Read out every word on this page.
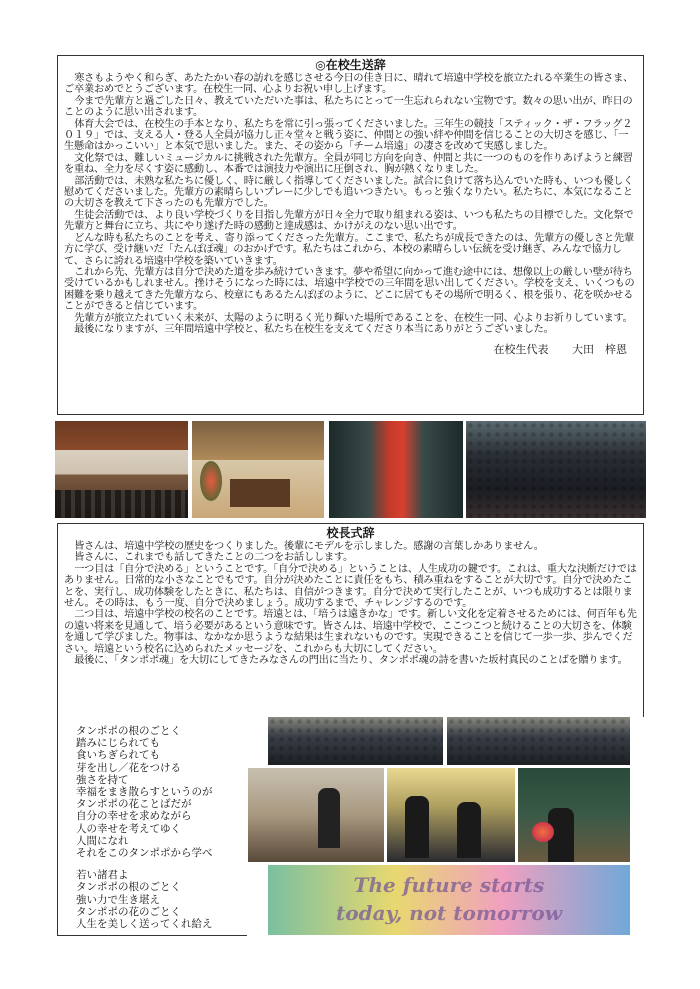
◎在校生送辞

寒さもようやく和らぎ、あたたかい春の訪れを感じさせる今日の佳き日に、晴れて培遠中学校を旅立たれる卒業生の皆さま、ご卒業おめでとうございます。在校生一同、心よりお祝い申し上げます。

今まで先輩方と過ごした日々、教えていただいた事は、私たちにとって一生忘れられない宝物です。数々の思い出が、昨日のことのように思い出されます。

体育大会では、在校生の手本となり、私たちを常に引っ張ってくださいました。三年生の競技「スティック・ザ・フラッグ２０１９」では、支える人・登る人全員が協力し正々堂々と戦う姿に、仲間との強い絆や仲間を信じることの大切さを感じ、「一生懸命はかっこいい」と本気で思いました。また、その姿から「チーム培遠」の凄さを改めて実感しました。

文化祭では、難しいミュージカルに挑戦された先輩方。全員が同じ方向を向き、仲間と共に一つのものを作りあげようと練習を重ね、全力を尽くす姿に感動し、本番では演技力や演出に圧倒され、胸が熱くなりました。

部活動では、未熟な私たちに優しく、時に厳しく指導してくださいました。試合に負けて落ち込んでいた時も、いつも優しく慰めてくださいました。先輩方の素晴らしいプレーに少しでも追いつきたい。もっと強くなりたい。私たちに、本気になることの大切さを教えて下さったのも先輩方でした。

生徒会活動では、より良い学校づくりを目指し先輩方が日々全力で取り組まれる姿は、いつも私たちの目標でした。文化祭で先輩方と舞台に立ち、共にやり遂げた時の感動と達成感は、かけがえのない思い出です。

どんな時も私たちのことを考え、寄り添ってくださった先輩方。ここまで、私たちが成長できたのは、先輩方の優しさと先輩方に学び、受け継いだ「たんぽぽ魂」のおかげです。私たちはこれから、本校の素晴らしい伝統を受け継ぎ、みんなで協力して、さらに誇れる培遠中学校を築いていきます。

これから先、先輩方は自分で決めた道を歩み続けていきます。夢や希望に向かって進む途中には、想像以上の厳しい壁が待ち受けているかもしれません。挫けそうになった時には、培遠中学校での三年間を思い出してください。学校を支え、いくつもの困難を乗り越えてきた先輩方なら、校章にもあるたんぽぽのように、どこに居てもその場所で明るく、根を張り、花を咲かせることができると信じています。

先輩方が旅立たれていく未来が、太陽のように明るく光り輝いた場所であることを、在校生一同、心よりお祈りしています。

最後になりますが、三年間培遠中学校と、私たち在校生を支えてくださり本当にありがとうございました。

在校生代表 大田　梓恩

校長式辞

皆さんは、培遠中学校の歴史をつくりました。後輩にモデルを示しました。感謝の言葉しかありません。

皆さんに、これまでも話してきたことの二つをお話しします。

一つ目は「自分で決める」ということです。「自分で決める」ということは、人生成功の鍵です。これは、重大な決断だけではありません。日常的な小さなことでもです。自分が決めたことに責任をもち、積み重ねをすることが大切です。自分で決めたことを、実行し、成功体験をしたときに、私たちは、自信がつきます。自分で決めて実行したことが、いつも成功するとは限りません。その時は、もう一度、自分で決めましょう。成功するまで、チャレンジするのです。

二つ目は、培遠中学校の校名のことです。培遠とは、「培うは遠きかな」です。新しい文化を定着させるためには、何百年も先の遠い将来を見通して、培う必要があるという意味です。皆さんは、培遠中学校で、ここつこつと続けることの大切さを、体験を通して学びました。物事は、なかなか思うような結果は生まれないものです。実現できることを信じて一歩一歩、歩んでください。培遠という校名に込められたメッセージを、これからも大切にしてください。

最後に、「タンポポ魂」を大切にしてきたみなさんの門出に当たり、タンポポ魂の詩を書いた坂村真民のことばを贈ります。

タンポポの根のごとく

踏みにじられても

食いちぎられても

芽を出し／花をつける

強さを持て

幸福をまき散らすというのが

タンポポの花ことばだが

自分の幸せを求めながら

人の幸せを考えてゆく

人間になれ

それをこのタンポポから学べ

若い諸君よ

タンポポの根のごとく

強い力で生き堪え

タンポポの花のごとく

人生を美しく送ってくれ給え

The future starts
today, not tomorrow
